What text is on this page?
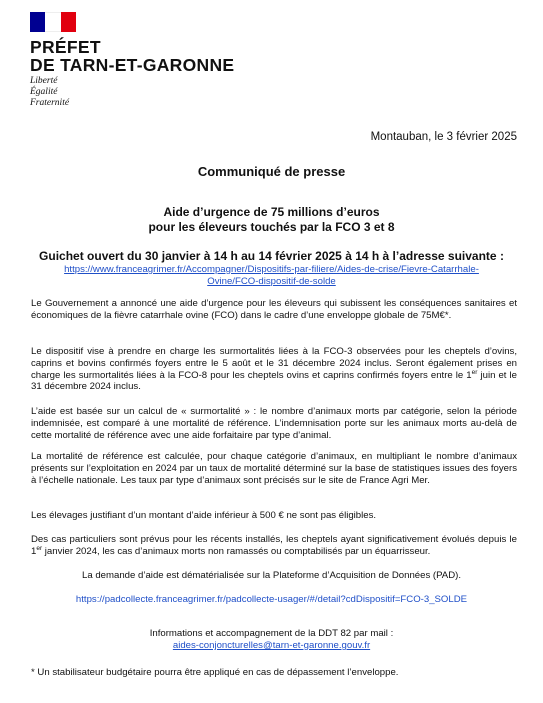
PRÉFET
DE TARN-ET-GARONNE
Liberté
Égalité
Fraternité
Montauban, le 3 février 2025
Communiqué de presse
Aide d’urgence de 75 millions d’euros
pour les éleveurs touchés par la FCO 3 et 8
Guichet ouvert du 30 janvier à 14 h au 14 février 2025 à 14 h à l’adresse suivante :
https://www.franceagrimer.fr/Accompagner/Dispositifs-par-filiere/Aides-de-crise/Fievre-Catarrhale-
Ovine/FCO-dispositif-de-solde
Le Gouvernement a annoncé une aide d’urgence pour les éleveurs qui subissent les conséquences sanitaires et économiques de la fièvre catarrhale ovine (FCO) dans le cadre d’une enveloppe globale de 75M€*.
Le dispositif vise à prendre en charge les surmortalités liées à la FCO-3 observées pour les cheptels d’ovins, caprins et bovins confirmés foyers entre le 5 août et le 31 décembre 2024 inclus. Seront également prises en charge les surmortalités liées à la FCO-8 pour les cheptels ovins et caprins confirmés foyers entre le 1er juin et le 31 décembre 2024 inclus.
L’aide est basée sur un calcul de « surmortalité » : le nombre d’animaux morts par catégorie, selon la période indemnisée, est comparé à une mortalité de référence. L’indemnisation porte sur les animaux morts au-delà de cette mortalité de référence avec une aide forfaitaire par type d’animal.
La mortalité de référence est calculée, pour chaque catégorie d’animaux, en multipliant le nombre d’animaux présents sur l’exploitation en 2024 par un taux de mortalité déterminé sur la base de statistiques issues des foyers à l’échelle nationale. Les taux par type d’animaux sont précisés sur le site de France Agri Mer.
Les élevages justifiant d’un montant d’aide inférieur à 500 € ne sont pas éligibles.
Des cas particuliers sont prévus pour les récents installés, les cheptels ayant significativement évolués depuis le 1er janvier 2024, les cas d’animaux morts non ramassés ou comptabilisés par un équarrisseur.
La demande d’aide est dématérialisée sur la Plateforme d’Acquisition de Données (PAD).
https://padcollecte.franceagrimer.fr/padcollecte-usager/#/detail?cdDispositif=FCO-3_SOLDE
Informations et accompagnement de la DDT 82 par mail :
aides-conjoncturelles@tarn-et-garonne.gouv.fr
* Un stabilisateur budgétaire pourra être appliqué en cas de dépassement l’enveloppe.
